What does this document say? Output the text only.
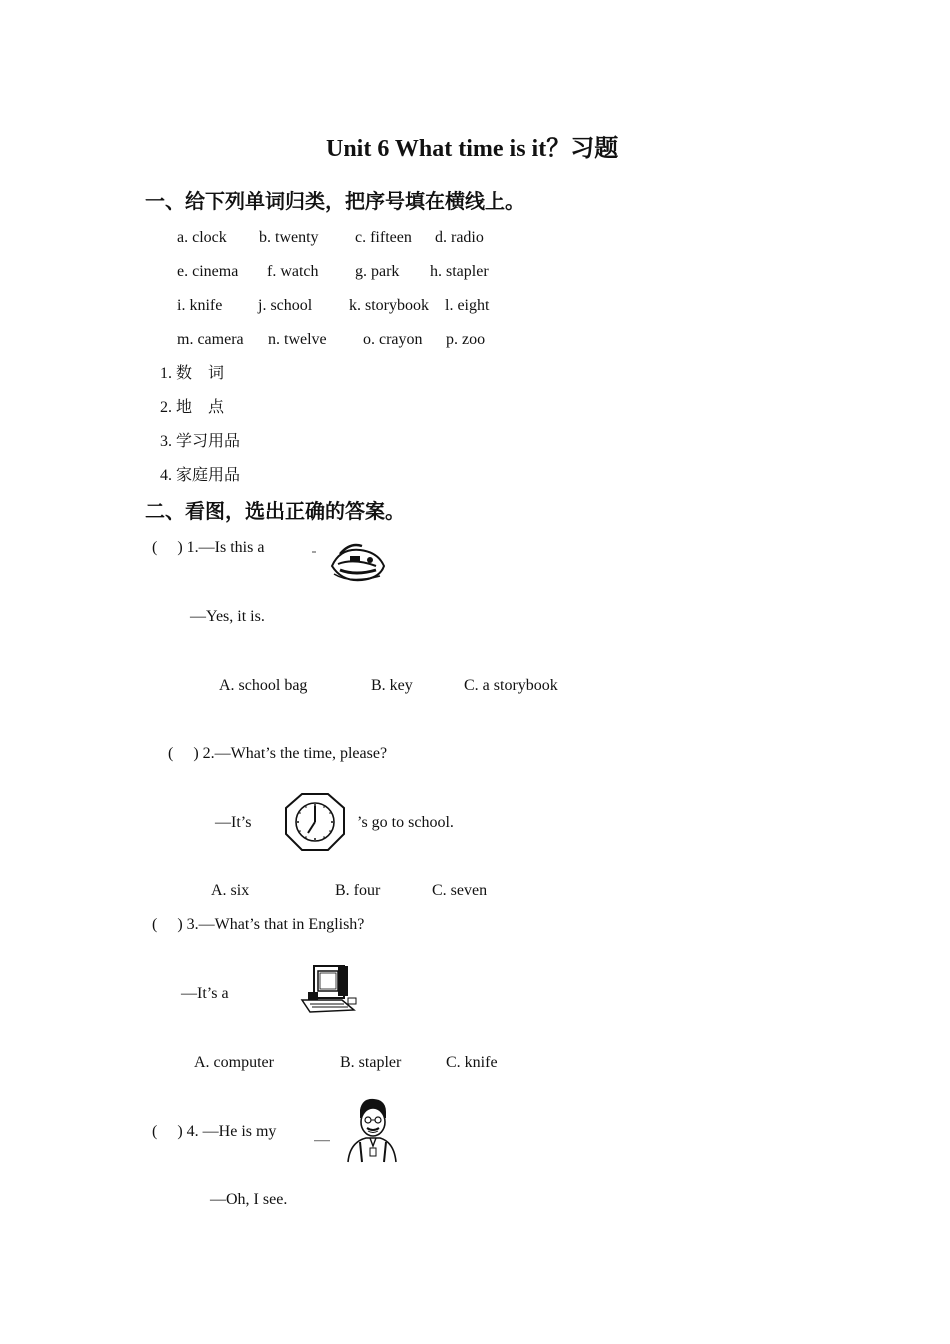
Unit 6 What time is it？习题
一、给下列单词归类，把序号填在横线上。
a. clock b. twenty c. fifteen d. radio
e. cinema f. watch g. park h. stapler
i. knife j. school k. storybook l. eight
m. camera n. twelve o. crayon p. zoo
1. 数　词
2. 地　点
3. 学习用品
4. 家庭用品
二、看图，选出正确的答案。
(　 ) 1.—Is this a
—Yes, it is.
A. school bag	B. key	C. a storybook
(　 ) 2.—What’s the time, please?
—It’s	’s go to school.
A. six	B. four	C. seven
(　 ) 3.—What’s that in English?
—It’s a
A. computer	B. stapler	C. knife
(　 ) 4. —He is my ＿
—Oh, I see.
